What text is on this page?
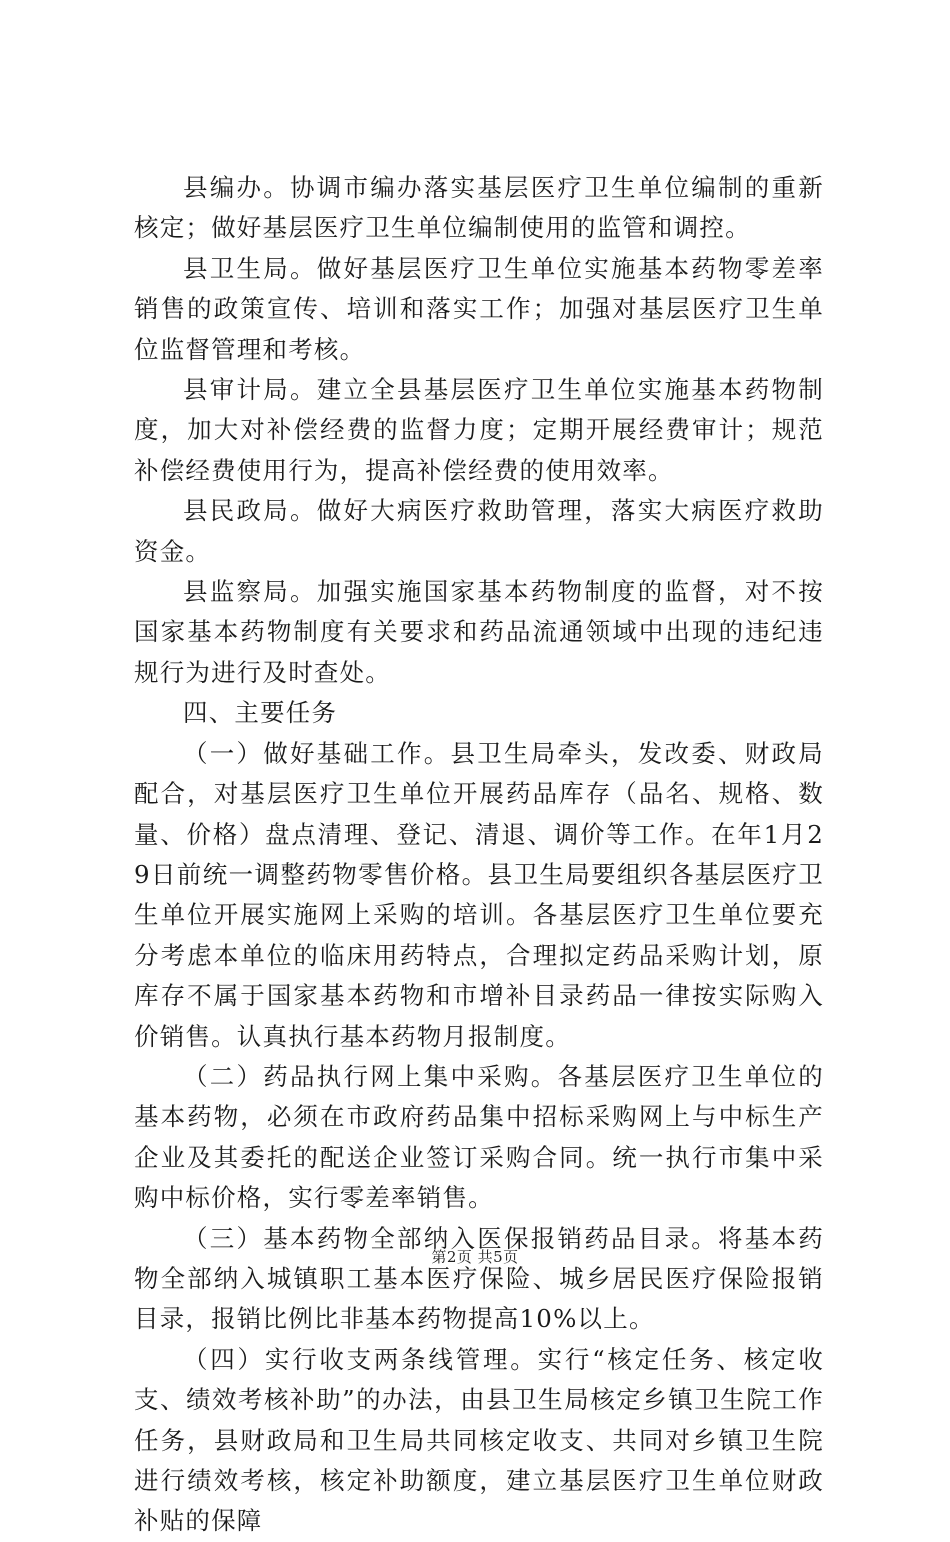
县编办。协调市编办落实基层医疗卫生单位编制的重新核定；做好基层医疗卫生单位编制使用的监管和调控。

县卫生局。做好基层医疗卫生单位实施基本药物零差率销售的政策宣传、培训和落实工作；加强对基层医疗卫生单位监督管理和考核。

县审计局。建立全县基层医疗卫生单位实施基本药物制度，加大对补偿经费的监督力度；定期开展经费审计；规范补偿经费使用行为，提高补偿经费的使用效率。

县民政局。做好大病医疗救助管理，落实大病医疗救助资金。

县监察局。加强实施国家基本药物制度的监督，对不按国家基本药物制度有关要求和药品流通领域中出现的违纪违规行为进行及时查处。

四、主要任务

（一）做好基础工作。县卫生局牵头，发改委、财政局配合，对基层医疗卫生单位开展药品库存（品名、规格、数量、价格）盘点清理、登记、清退、调价等工作。在年1月29日前统一调整药物零售价格。县卫生局要组织各基层医疗卫生单位开展实施网上采购的培训。各基层医疗卫生单位要充分考虑本单位的临床用药特点，合理拟定药品采购计划，原库存不属于国家基本药物和市增补目录药品一律按实际购入价销售。认真执行基本药物月报制度。

（二）药品执行网上集中采购。各基层医疗卫生单位的基本药物，必须在市政府药品集中招标采购网上与中标生产企业及其委托的配送企业签订采购合同。统一执行市集中采购中标价格，实行零差率销售。

（三）基本药物全部纳入医保报销药品目录。将基本药物全部纳入城镇职工基本医疗保险、城乡居民医疗保险报销目录，报销比例比非基本药物提高10%以上。

（四）实行收支两条线管理。实行“核定任务、核定收支、绩效考核补助”的办法，由县卫生局核定乡镇卫生院工作任务，县财政局和卫生局共同核定收支、共同对乡镇卫生院进行绩效考核，核定补助额度，建立基层医疗卫生单位财政补贴的保障

第2页 共5页
